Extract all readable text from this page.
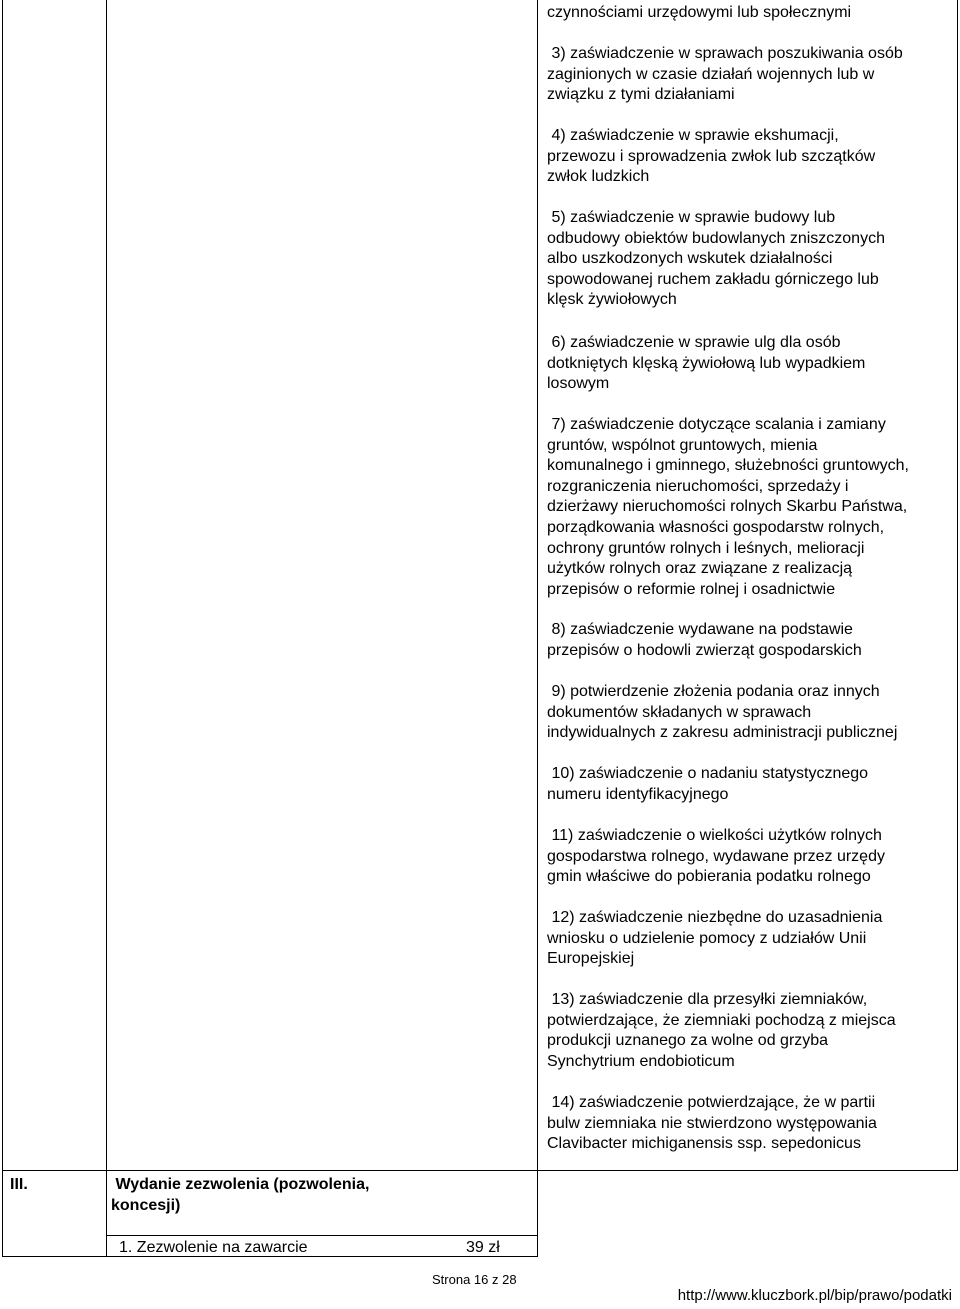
czynnościami urzędowymi lub społecznymi
3) zaświadczenie w sprawach poszukiwania osób
zaginionych w czasie działań wojennych lub w
związku z tymi działaniami
4) zaświadczenie w sprawie ekshumacji,
przewozu i sprowadzenia zwłok lub szczątków
zwłok ludzkich
5) zaświadczenie w sprawie budowy lub
odbudowy obiektów budowlanych zniszczonych
albo uszkodzonych wskutek działalności
spowodowanej ruchem zakładu górniczego lub
klęsk żywiołowych
6) zaświadczenie w sprawie ulg dla osób
dotkniętych klęską żywiołową lub wypadkiem
losowym
7) zaświadczenie dotyczące scalania i zamiany
gruntów, wspólnot gruntowych, mienia
komunalnego i gminnego, służebności gruntowych,
rozgraniczenia nieruchomości, sprzedaży i
dzierżawy nieruchomości rolnych Skarbu Państwa,
porządkowania własności gospodarstw rolnych,
ochrony gruntów rolnych i leśnych, melioracji
użytków rolnych oraz związane z realizacją
przepisów o reformie rolnej i osadnictwie
8) zaświadczenie wydawane na podstawie
przepisów o hodowli zwierząt gospodarskich
9) potwierdzenie złożenia podania oraz innych
dokumentów składanych w sprawach
indywidualnych z zakresu administracji publicznej
10) zaświadczenie o nadaniu statystycznego
numeru identyfikacyjnego
11) zaświadczenie o wielkości użytków rolnych
gospodarstwa rolnego, wydawane przez urzędy
gmin właściwe do pobierania podatku rolnego
12) zaświadczenie niezbędne do uzasadnienia
wniosku o udzielenie pomocy z udziałów Unii
Europejskiej
13) zaświadczenie dla przesyłki ziemniaków,
potwierdzające, że ziemniaki pochodzą z miejsca
produkcji uznanego za wolne od grzyba
Synchytrium endobioticum
14) zaświadczenie potwierdzające, że w partii
bulw ziemniaka nie stwierdzono występowania
Clavibacter michiganensis ssp. sepedonicus
III.	Wydanie zezwolenia (pozwolenia,
koncesji)
1. Zezwolenie na zawarcie	39 zł
Strona 16 z 28
http://www.kluczbork.pl/bip/prawo/podatki
